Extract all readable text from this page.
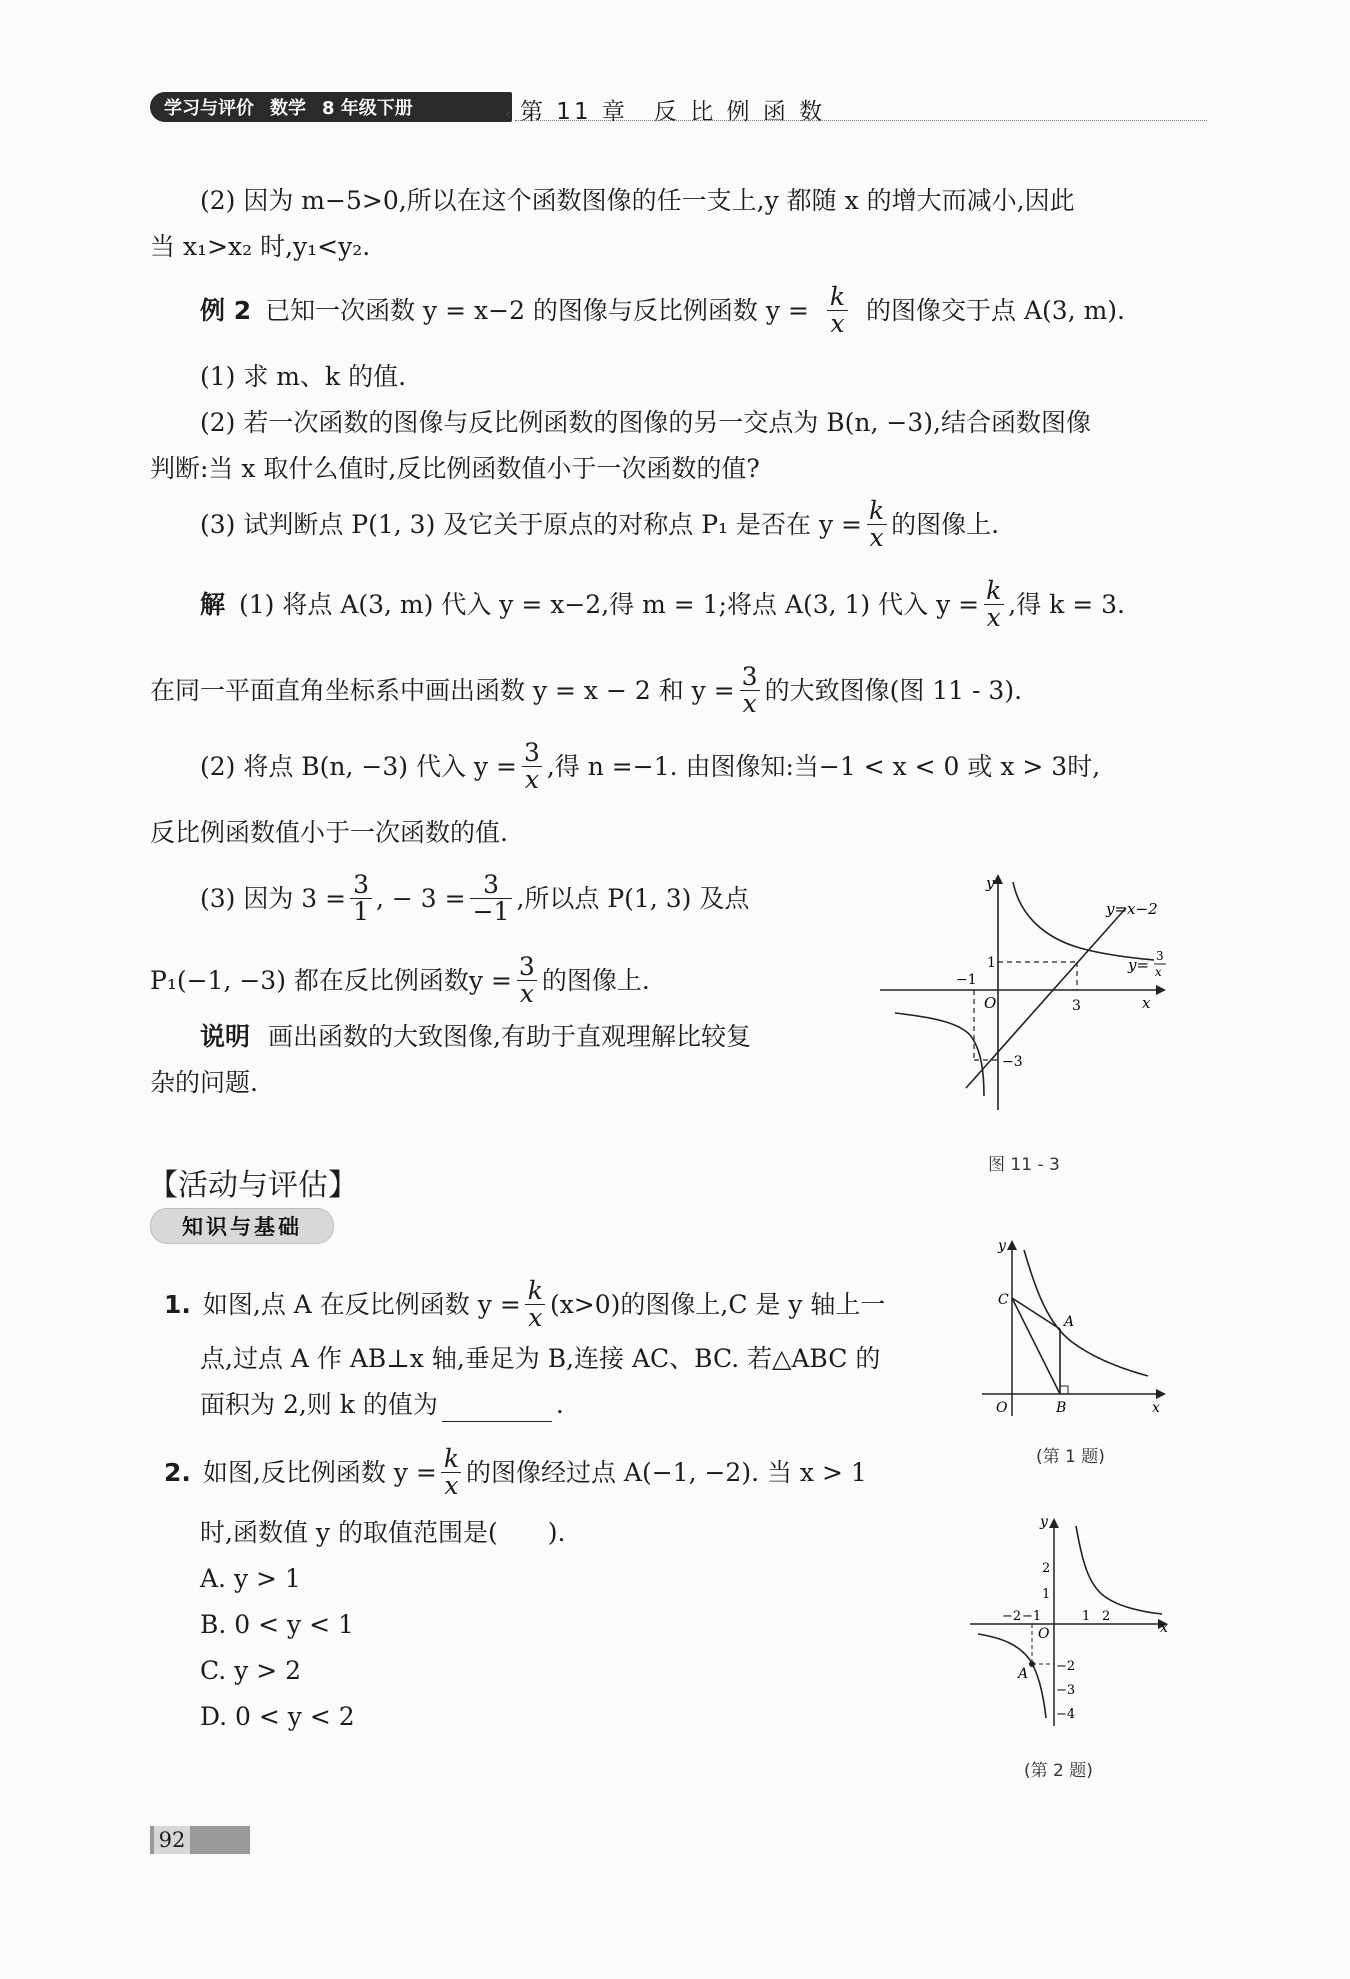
学习与评价 数学 8 年级下册	‹ 第 11 章　反 比 例 函 数
(2) 因为 m−5>0,所以在这个函数图像的任一支上,y 都随 x 的增大而减小,因此
当 x₁>x₂ 时,y₁<y₂.
例 2 已知一次函数 y = x−2 的图像与反比例函数 $y = \frac{k}{x}$ 的图像交于点 A(3, m).
(1) 求 m、k 的值.
(2) 若一次函数的图像与反比例函数的图像的另一交点为 B(n, −3),结合函数图像
判断:当 x 取什么值时,反比例函数值小于一次函数的值?
(3) 试判断点 P(1, 3) 及它关于原点的对称点 P₁ 是否在 $y = \frac{k}{x}$ 的图像上.
解 (1) 将点 A(3, m) 代入 y = x−2,得 m = 1;将点 A(3, 1) 代入 $y = \frac{k}{x}$ ,得 k = 3.
在同一平面直角坐标系中画出函数 y = x − 2 和 $y = \frac{3}{x}$ 的大致图像(图 11 - 3).
(2) 将点 B(n, −3) 代入 $y = \frac{3}{x}$ ,得 n =−1. 由图像知:当−1 < x < 0 或 x > 3时,
反比例函数值小于一次函数的值.
(3) 因为 $3 = \frac{3}{1}$ , − $3 = \frac{3}{-1}$ ,所以点 P(1, 3) 及点
P₁(−1, −3) 都在反比例函数$y = \frac{3}{x}$ 的图像上.
说明 画出函数的大致图像,有助于直观理解比较复
杂的问题.
y
x
O
y=x−2
y= 3
x
1
3
−1
−3
图 11 - 3
【活动与评估】
知识与基础
1. 如图,点 A 在反比例函数 $y = \frac{k}{x} (x>0)$的图像上,C 是 y 轴上一
点,过点 A 作 AB⊥x 轴,垂足为 B,连接 AC、BC. 若△ABC 的
面积为 2,则 k 的值为	.
y
x
O
A
B
C
(第 1 题)
2. 如图,反比例函数 $y = \frac{k}{x}$ 的图像经过点 A(−1, −2). 当 x > 1
时,函数值 y 的取值范围是(　　).
A. y > 1
B. 0 < y < 1
C. y > 2
D. 0 < y < 2
y
x
O
A
−2 −1	1 2
2
1
−2
−3
−4
(第 2 题)
92
